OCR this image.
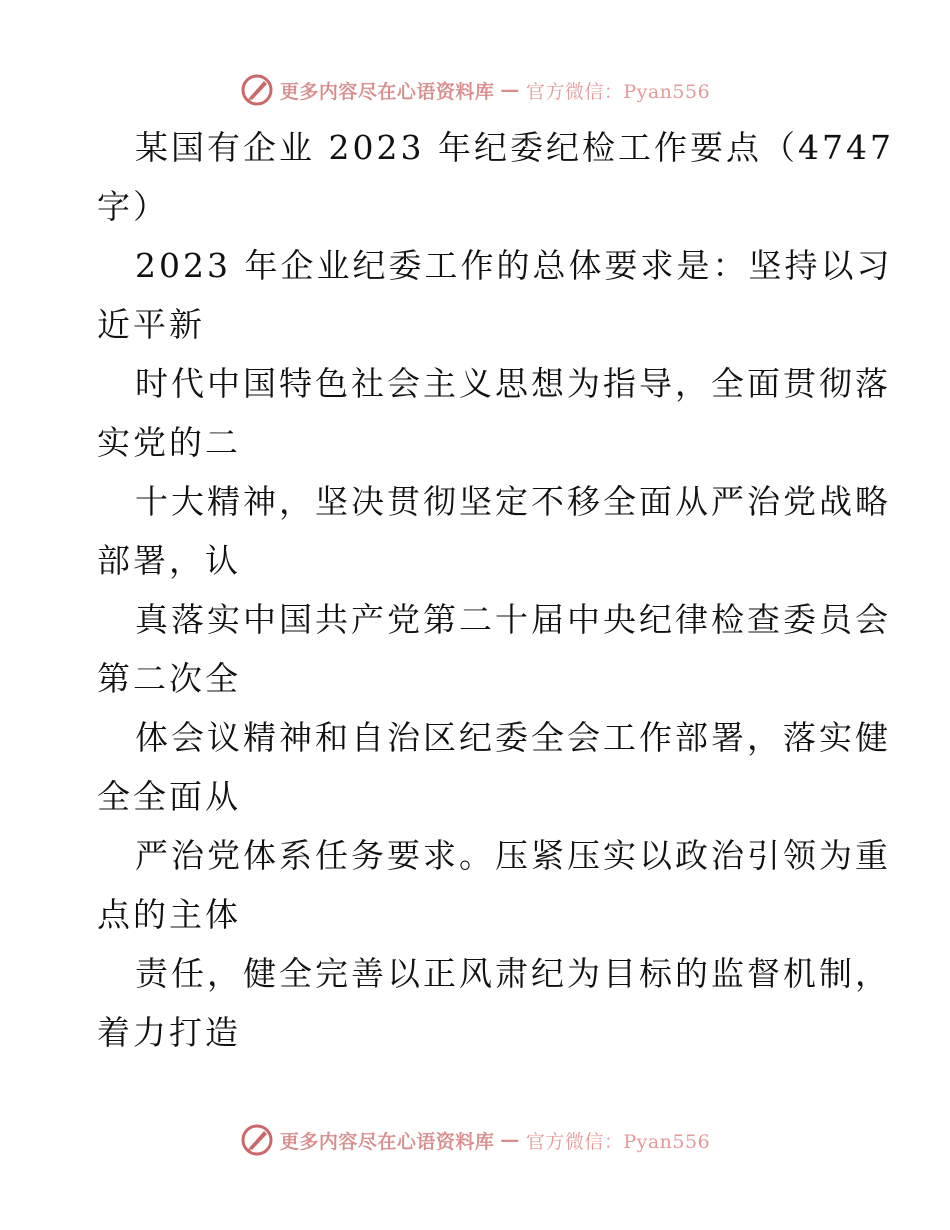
更多内容尽在心语资料库 — 官方微信：Pyan556
某国有企业 2023 年纪委纪检工作要点（4747
字）
2023 年企业纪委工作的总体要求是：坚持以习
近平新
时代中国特色社会主义思想为指导，全面贯彻落
实党的二
十大精神，坚决贯彻坚定不移全面从严治党战略
部署，认
真落实中国共产党第二十届中央纪律检查委员会
第二次全
体会议精神和自治区纪委全会工作部署，落实健
全全面从
严治党体系任务要求。压紧压实以政治引领为重
点的主体
责任，健全完善以正风肃纪为目标的监督机制，
着力打造
更多内容尽在心语资料库 — 官方微信：Pyan556
